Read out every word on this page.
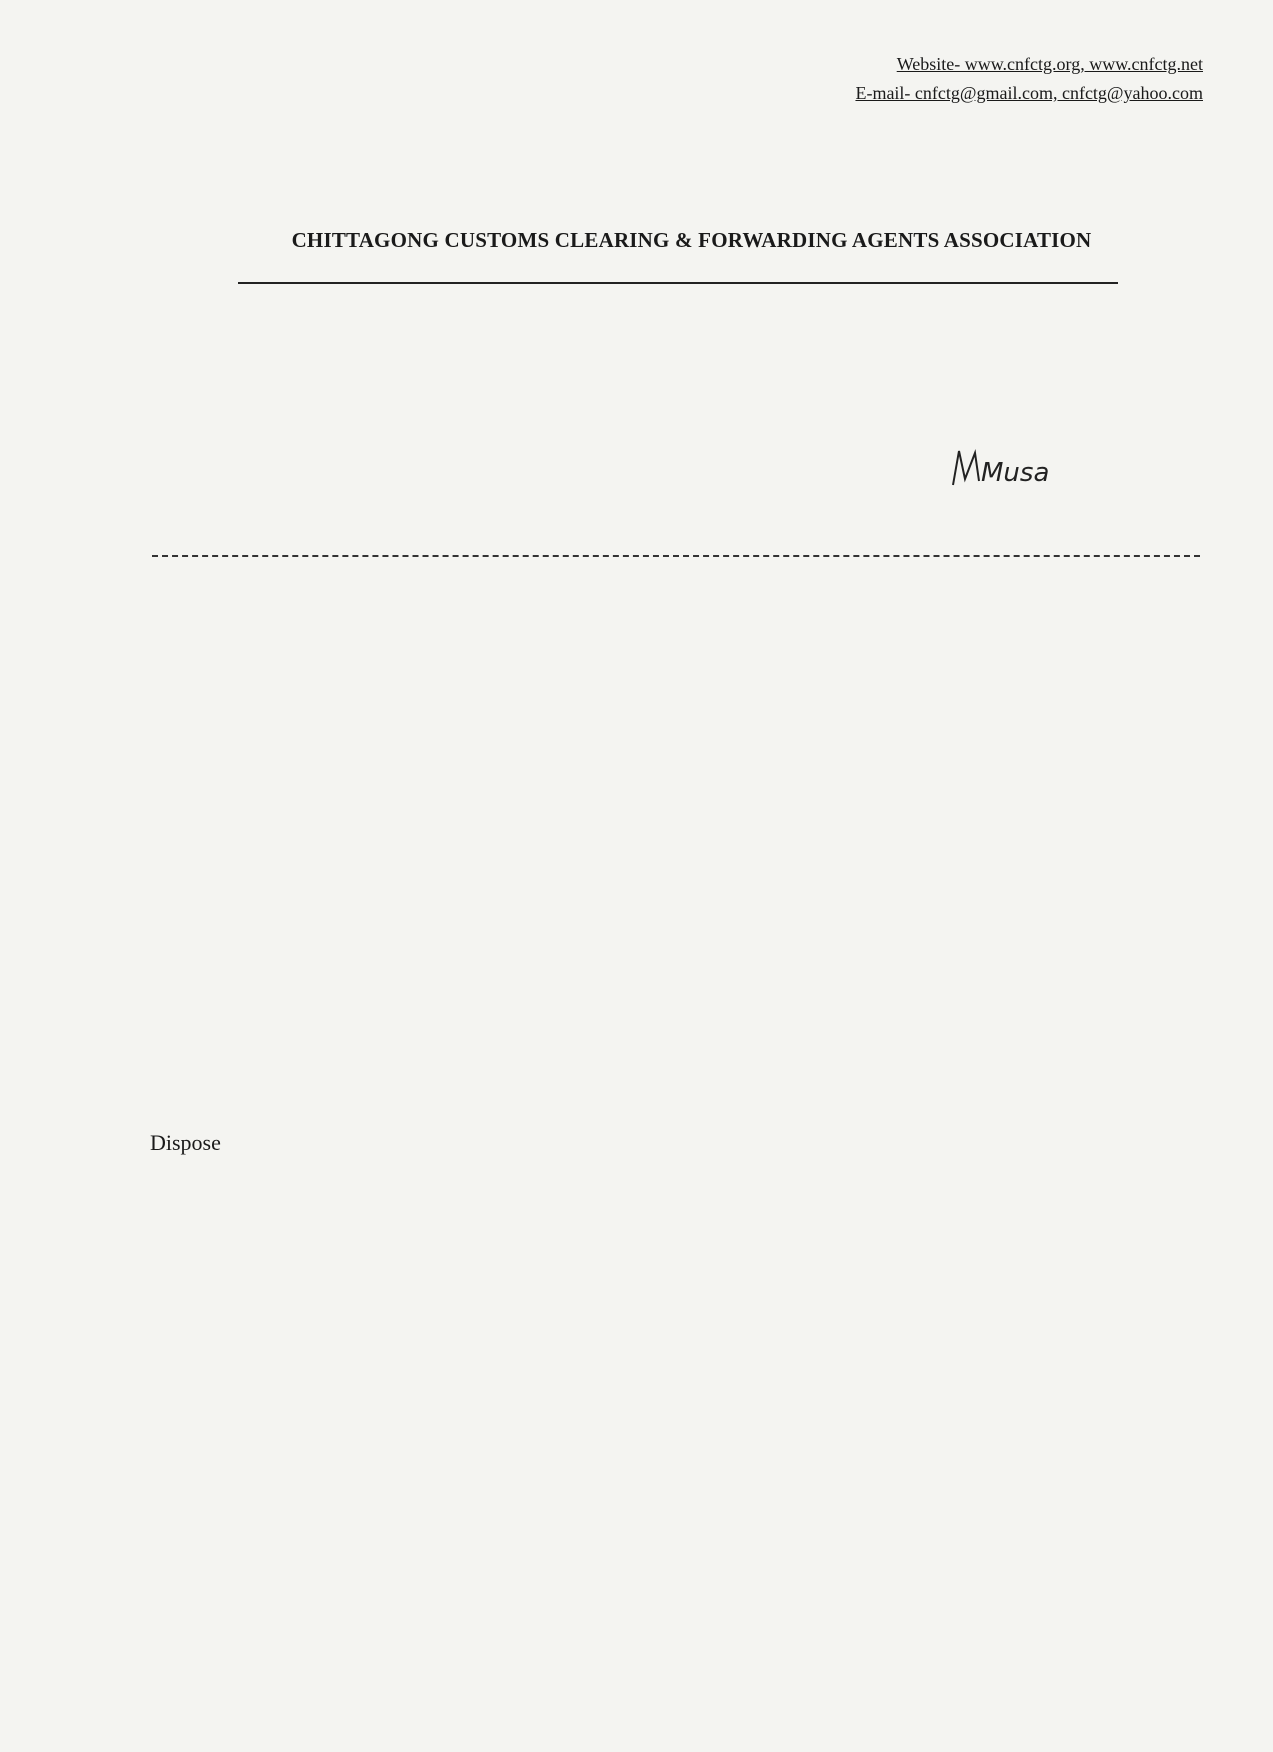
Website- www.cnfctg.org, www.cnfctg.net
E-mail- cnfctg@gmail.com, cnfctg@yahoo.com
CHITTAGONG CUSTOMS CLEARING & FORWARDING AGENTS ASSOCIATION
Musa
Dispose
